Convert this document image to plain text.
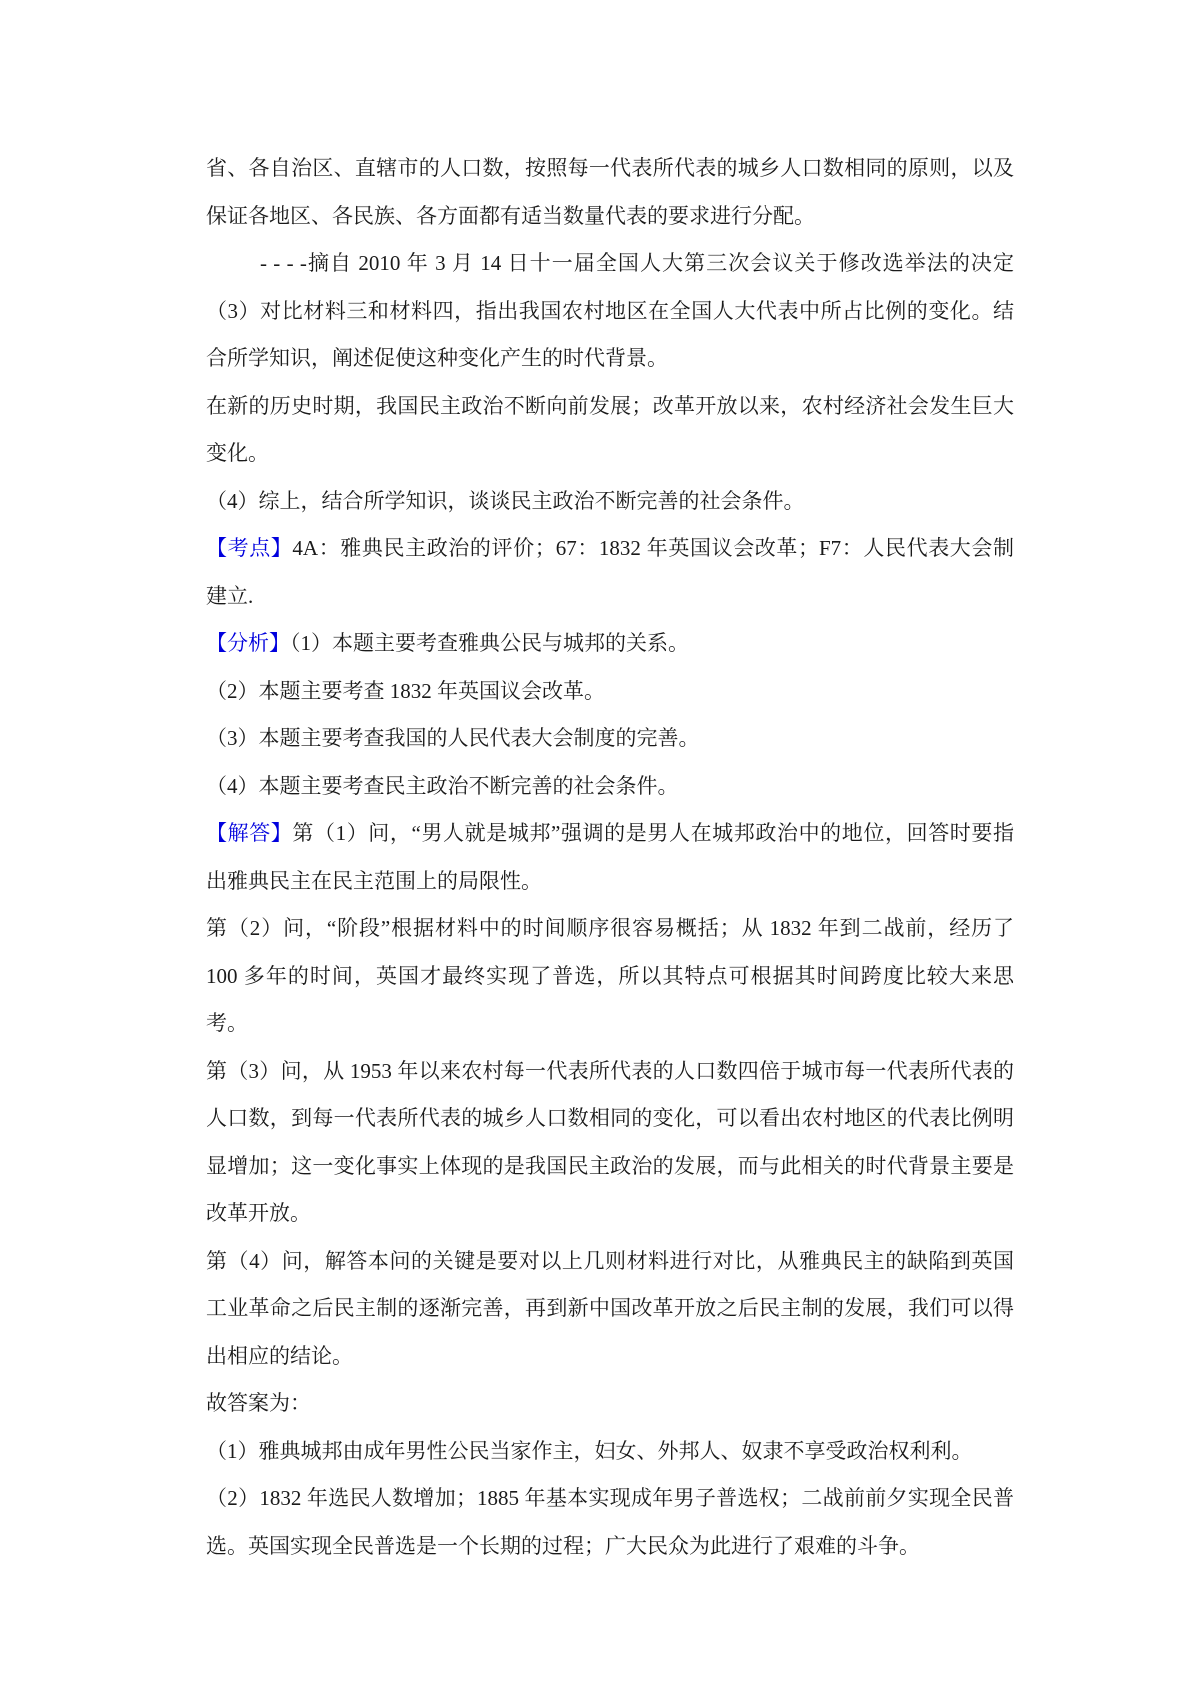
省、各自治区、直辖市的人口数，按照每一代表所代表的城乡人口数相同的原则，以及
保证各地区、各民族、各方面都有适当数量代表的要求进行分配。
- - - -摘自 2010 年 3 月 14 日十一届全国人大第三次会议关于修改选举法的决定
（3）对比材料三和材料四，指出我国农村地区在全国人大代表中所占比例的变化。结
合所学知识，阐述促使这种变化产生的时代背景。
在新的历史时期，我国民主政治不断向前发展；改革开放以来，农村经济社会发生巨大
变化。
（4）综上，结合所学知识，谈谈民主政治不断完善的社会条件。
【考点】4A：雅典民主政治的评价；67：1832 年英国议会改革；F7：人民代表大会制
建立.
【分析】（1）本题主要考查雅典公民与城邦的关系。
（2）本题主要考查 1832 年英国议会改革。
（3）本题主要考查我国的人民代表大会制度的完善。
（4）本题主要考查民主政治不断完善的社会条件。
【解答】第（1）问，“男人就是城邦”强调的是男人在城邦政治中的地位，回答时要指
出雅典民主在民主范围上的局限性。
第（2）问，“阶段”根据材料中的时间顺序很容易概括；从 1832 年到二战前，经历了
100 多年的时间，英国才最终实现了普选，所以其特点可根据其时间跨度比较大来思
考。
第（3）问，从 1953 年以来农村每一代表所代表的人口数四倍于城市每一代表所代表的
人口数，到每一代表所代表的城乡人口数相同的变化，可以看出农村地区的代表比例明
显增加；这一变化事实上体现的是我国民主政治的发展，而与此相关的时代背景主要是
改革开放。
第（4）问，解答本问的关键是要对以上几则材料进行对比，从雅典民主的缺陷到英国
工业革命之后民主制的逐渐完善，再到新中国改革开放之后民主制的发展，我们可以得
出相应的结论。
故答案为：
（1）雅典城邦由成年男性公民当家作主，妇女、外邦人、奴隶不享受政治权利利。
（2）1832 年选民人数增加；1885 年基本实现成年男子普选权；二战前前夕实现全民普
选。英国实现全民普选是一个长期的过程；广大民众为此进行了艰难的斗争。
